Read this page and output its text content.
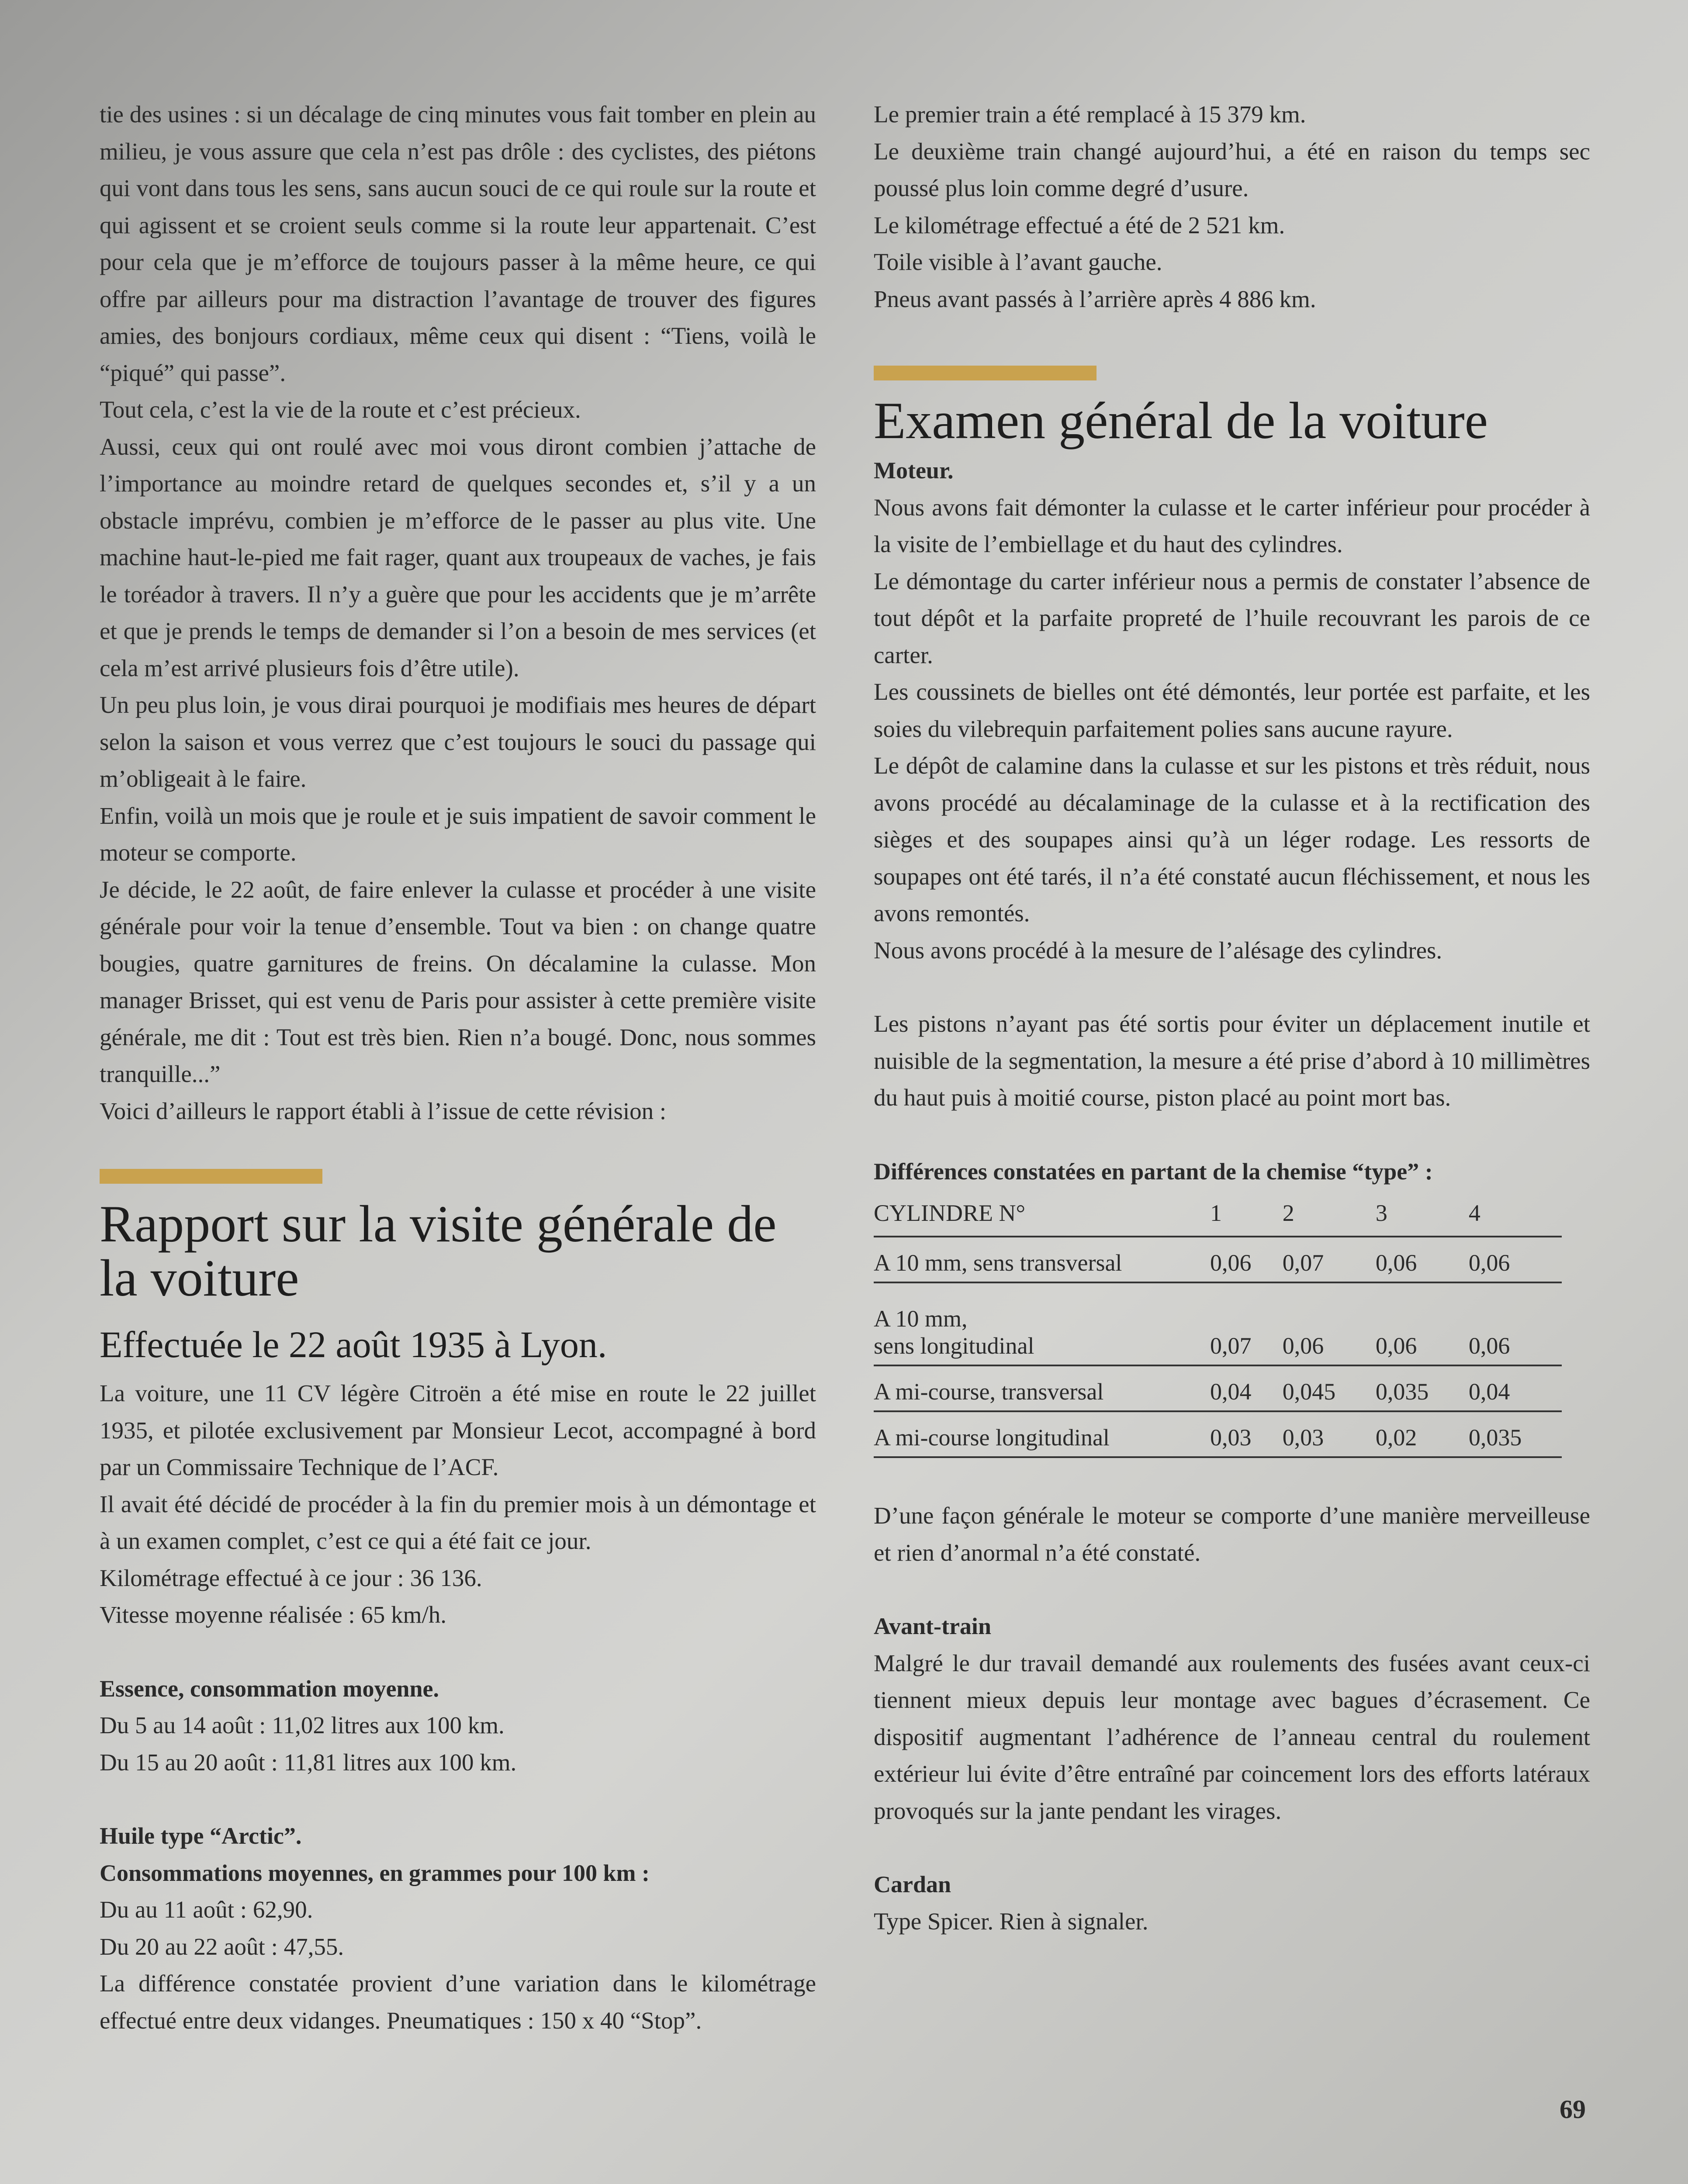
tie des usines : si un décalage de cinq minutes vous fait tomber en plein au milieu, je vous assure que cela n’est pas drôle : des cyclistes, des piétons qui vont dans tous les sens, sans aucun souci de ce qui roule sur la route et qui agissent et se croient seuls comme si la route leur appartenait. C’est pour cela que je m’efforce de toujours passer à la même heure, ce qui offre par ailleurs pour ma distraction l’avantage de trouver des figures amies, des bonjours cordiaux, même ceux qui disent : “Tiens, voilà le “piqué” qui passe”.

Tout cela, c’est la vie de la route et c’est précieux.

Aussi, ceux qui ont roulé avec moi vous diront combien j’attache de l’importance au moindre retard de quelques secondes et, s’il y a un obstacle imprévu, combien je m’efforce de le passer au plus vite. Une machine haut-le-pied me fait rager, quant aux troupeaux de vaches, je fais le toréador à travers. Il n’y a guère que pour les accidents que je m’arrête et que je prends le temps de demander si l’on a besoin de mes services (et cela m’est arrivé plusieurs fois d’être utile).

Un peu plus loin, je vous dirai pourquoi je modifiais mes heures de départ selon la saison et vous verrez que c’est toujours le souci du passage qui m’obligeait à le faire.

Enfin, voilà un mois que je roule et je suis impatient de savoir comment le moteur se comporte.

Je décide, le 22 août, de faire enlever la culasse et procéder à une visite générale pour voir la tenue d’ensemble. Tout va bien : on change quatre bougies, quatre garnitures de freins. On décalamine la culasse. Mon manager Brisset, qui est venu de Paris pour assister à cette première visite générale, me dit : Tout est très bien. Rien n’a bougé. Donc, nous sommes tranquille...”

Voici d’ailleurs le rapport établi à l’issue de cette révision :

Rapport sur la visite générale de la voiture
Effectuée le 22 août 1935 à Lyon.

La voiture, une 11 CV légère Citroën a été mise en route le 22 juillet 1935, et pilotée exclusivement par Monsieur Lecot, accompagné à bord par un Commissaire Technique de l’ACF.

Il avait été décidé de procéder à la fin du premier mois à un démontage et à un examen complet, c’est ce qui a été fait ce jour.

Kilométrage effectué à ce jour : 36 136.

Vitesse moyenne réalisée : 65 km/h.

Essence, consommation moyenne.

Du 5 au 14 août : 11,02 litres aux 100 km.

Du 15 au 20 août : 11,81 litres aux 100 km.

Huile type “Arctic”.

Consommations moyennes, en grammes pour 100 km :

Du au 11 août : 62,90.

Du 20 au 22 août : 47,55.

La différence constatée provient d’une variation dans le kilométrage effectué entre deux vidanges. Pneumatiques : 150 x 40 “Stop”.

Le premier train a été remplacé à 15 379 km.

Le deuxième train changé aujourd’hui, a été en raison du temps sec poussé plus loin comme degré d’usure.

Le kilométrage effectué a été de 2 521 km.

Toile visible à l’avant gauche.

Pneus avant passés à l’arrière après 4 886 km.

Examen général de la voiture

Moteur.

Nous avons fait démonter la culasse et le carter inférieur pour procéder à la visite de l’embiellage et du haut des cylindres.

Le démontage du carter inférieur nous a permis de constater l’absence de tout dépôt et la parfaite propreté de l’huile recouvrant les parois de ce carter.

Les coussinets de bielles ont été démontés, leur portée est parfaite, et les soies du vilebrequin parfaitement polies sans aucune rayure.

Le dépôt de calamine dans la culasse et sur les pistons et très réduit, nous avons procédé au décalaminage de la culasse et à la rectification des sièges et des soupapes ainsi qu’à un léger rodage. Les ressorts de soupapes ont été tarés, il n’a été constaté aucun fléchissement, et nous les avons remontés.

Nous avons procédé à la mesure de l’alésage des cylindres.

Les pistons n’ayant pas été sortis pour éviter un déplacement inutile et nuisible de la segmentation, la mesure a été prise d’abord à 10 millimètres du haut puis à moitié course, piston placé au point mort bas.

Différences constatées en partant de la chemise “type” :

CYLINDRE N°	1	2	3	4
A 10 mm, sens transversal	0,06	0,07	0,06	0,06
A 10 mm,
sens longitudinal	0,07	0,06	0,06	0,06
A mi-course, transversal	0,04	0,045	0,035	0,04
A mi-course longitudinal	0,03	0,03	0,02	0,035

D’une façon générale le moteur se comporte d’une manière merveilleuse et rien d’anormal n’a été constaté.

Avant-train

Malgré le dur travail demandé aux roulements des fusées avant ceux-ci tiennent mieux depuis leur montage avec bagues d’écrasement. Ce dispositif augmentant l’adhérence de l’anneau central du roulement extérieur lui évite d’être entraîné par coincement lors des efforts latéraux provoqués sur la jante pendant les virages.

Cardan

Type Spicer. Rien à signaler.

69
